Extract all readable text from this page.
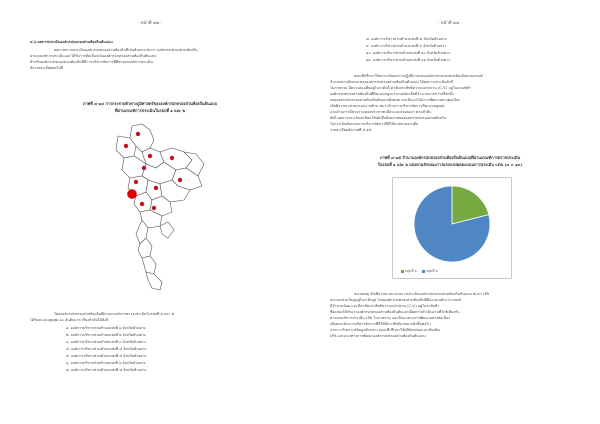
- หน้าที่ ๔๗ -
๔.๖ ผลการประเมินองค์กรปกครองส่วนท้องถิ่นต้นแบบ
ผลการตรวจประเมินองค์กรปกครองส่วนท้องถิ่นที่เป็นต้นแบบ พบว่า องค์กรปกครองส่วนท้องถิ่น
ผ่านเกณฑ์การประเมินและได้รับการคัดเลือกเป็นองค์กรปกครองส่วนท้องถิ่นต้นแบบ
สำหรับองค์กรปกครองส่วนท้องถิ่นที่มีการบริหารจัดการที่ดีตามเกณฑ์การประเมิน
ดังรายละเอียดต่อไปนี้
ภาพที่ ๔-๑๔ การกระจายตัวทางภูมิศาสตร์ขององค์กรปกครองส่วนท้องถิ่นต้นแบบ
ที่ผ่านเกณฑ์การประเมินในรอบที่ ๑ และ ๒
โดยองค์กรปกครองส่วนท้องถิ่นที่ผ่านเกณฑ์การตรวจประเมินในรอบที่ ๑ และ ๒
ได้รับคะแนนสูงสุด ๑๐ อันดับแรก เรียงลำดับได้ดังนี้
๑. องค์การบริหารส่วนตำบลแห่งที่ ๑ จังหวัดตัวอย่าง
๒. องค์การบริหารส่วนตำบลแห่งที่ ๒ จังหวัดตัวอย่าง
๓. องค์การบริหารส่วนตำบลแห่งที่ ๓ จังหวัดตัวอย่าง
๔. องค์การบริหารส่วนตำบลแห่งที่ ๔ จังหวัดตัวอย่าง
๕. องค์การบริหารส่วนตำบลแห่งที่ ๕ จังหวัดตัวอย่าง
๖. องค์การบริหารส่วนตำบลแห่งที่ ๖ จังหวัดตัวอย่าง
๗. องค์การบริหารส่วนตำบลแห่งที่ ๗ จังหวัดตัวอย่าง
- หน้าที่ ๔๘ -
๘. องค์การบริหารส่วนตำบลแห่งที่ ๘ จังหวัดตัวอย่าง
๙. องค์การบริหารส่วนตำบลแห่งที่ ๙ จังหวัดตัวอย่าง
๑๐. องค์การบริหารส่วนตำบลแห่งที่ ๑๐ จังหวัดตัวอย่าง
๑๑. องค์การบริหารส่วนตำบลแห่งที่ ๑๑ จังหวัดตัวอย่าง
คณะที่ปรึกษาวิจัยประเมินผลการปฏิบัติงานขององค์กรปกครองส่วนท้องถิ่นตามเกณฑ์
จำแนกตามลักษณะขององค์กรปกครองส่วนท้องถิ่นต้นแบบ ได้ผลการประเมินดังนี้
ในภาพรวม มีคะแนนเฉลี่ยอยู่ในระดับดี ค่าสัมประสิทธิ์ความแปรปรวน (C.V.) อยู่ในเกณฑ์ต่ำ
องค์กรปกครองส่วนท้องถิ่นที่มีคะแนนสูงกว่าเกณฑ์เฉลี่ยมีจำนวนมากกว่าครึ่งหนึ่ง
ขององค์กรปกครองส่วนท้องถิ่นต้นแบบทั้งหมด และมีแนวโน้มการพัฒนาอย่างต่อเนื่อง
เมื่อพิจารณาค่าคะแนนรายด้าน พบว่าด้านการบริหารจัดการมีคะแนนสูงสุด
และด้านการมีส่วนร่วมของประชาชนมีคะแนนรองลงมา ตามลำดับ
ทั้งนี้ ผลการประเมินสะท้อนให้เห็นถึงศักยภาพขององค์กรปกครองส่วนท้องถิ่น
ในการเป็นต้นแบบการบริหารจัดการที่ดีให้แก่หน่วยงานอื่น
รายละเอียดดังภาพที่ ๔-๑๕
ภาพที่ ๔-๑๕ จำนวนองค์กรปกครองส่วนท้องถิ่นต้นแบบที่ผ่านเกณฑ์การตรวจประเมิน
ในรอบที่ ๑ และ ๒ แบ่งตามลักษณะการแจกแจงผลคะแนนการประเมิน LPA (n = ๑๙)
หมายเหตุ เมื่อพิจารณาคะแนนการประเมินองค์กรปกครองส่วนท้องถิ่นต้นแบบ พบว่า LPA
คะแนนส่วนใหญ่อยู่ในระดับสูง โดยองค์กรปกครองส่วนท้องถิ่นที่มีคะแนนต่ำกว่าเกณฑ์
มีจำนวนน้อย และมีค่าสัมประสิทธิ์ความแปรปรวน (C.V.) อยู่ในระดับต่ำ
ซึ่งแสดงให้เห็นว่าองค์กรปกครองส่วนท้องถิ่นต้นแบบมีผลการดำเนินงานที่ใกล้เคียงกัน
ตามเกณฑ์การประเมิน LPA ในภาพรวม และมีแนวทางการพัฒนาอย่างต่อเนื่อง
เพื่อยกระดับการบริหารจัดการที่ดีให้มีประสิทธิภาพมากยิ่งขึ้นต่อไป
จากการวิเคราะห์ข้อมูลดังกล่าว คณะที่ปรึกษาวิจัยมีข้อเสนอแนะเพิ่มเติม
LPA และแนวทางการพัฒนาองค์กรปกครองส่วนท้องถิ่นต้นแบบ
กลุ่มที่ ๑	กลุ่มที่ ๒
